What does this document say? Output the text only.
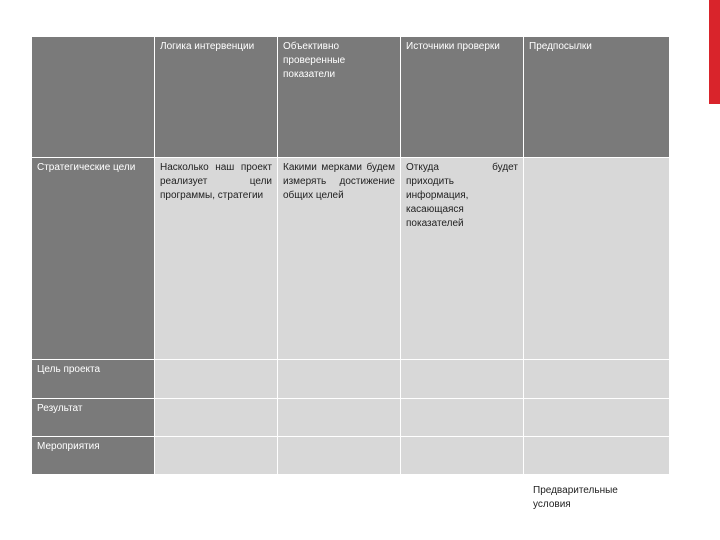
	Логика интервенции	Объективно проверенные показатели	Источники проверки	Предпосылки
Стратегические цели	Насколько наш проект реализует цели программы, стратегии	Какими мерками будем измерять достижение общих целей	Откуда будет приходить информация, касающаяся показателей	
Цель проекта				
Результат				
Мероприятия				
Предварительные условия
